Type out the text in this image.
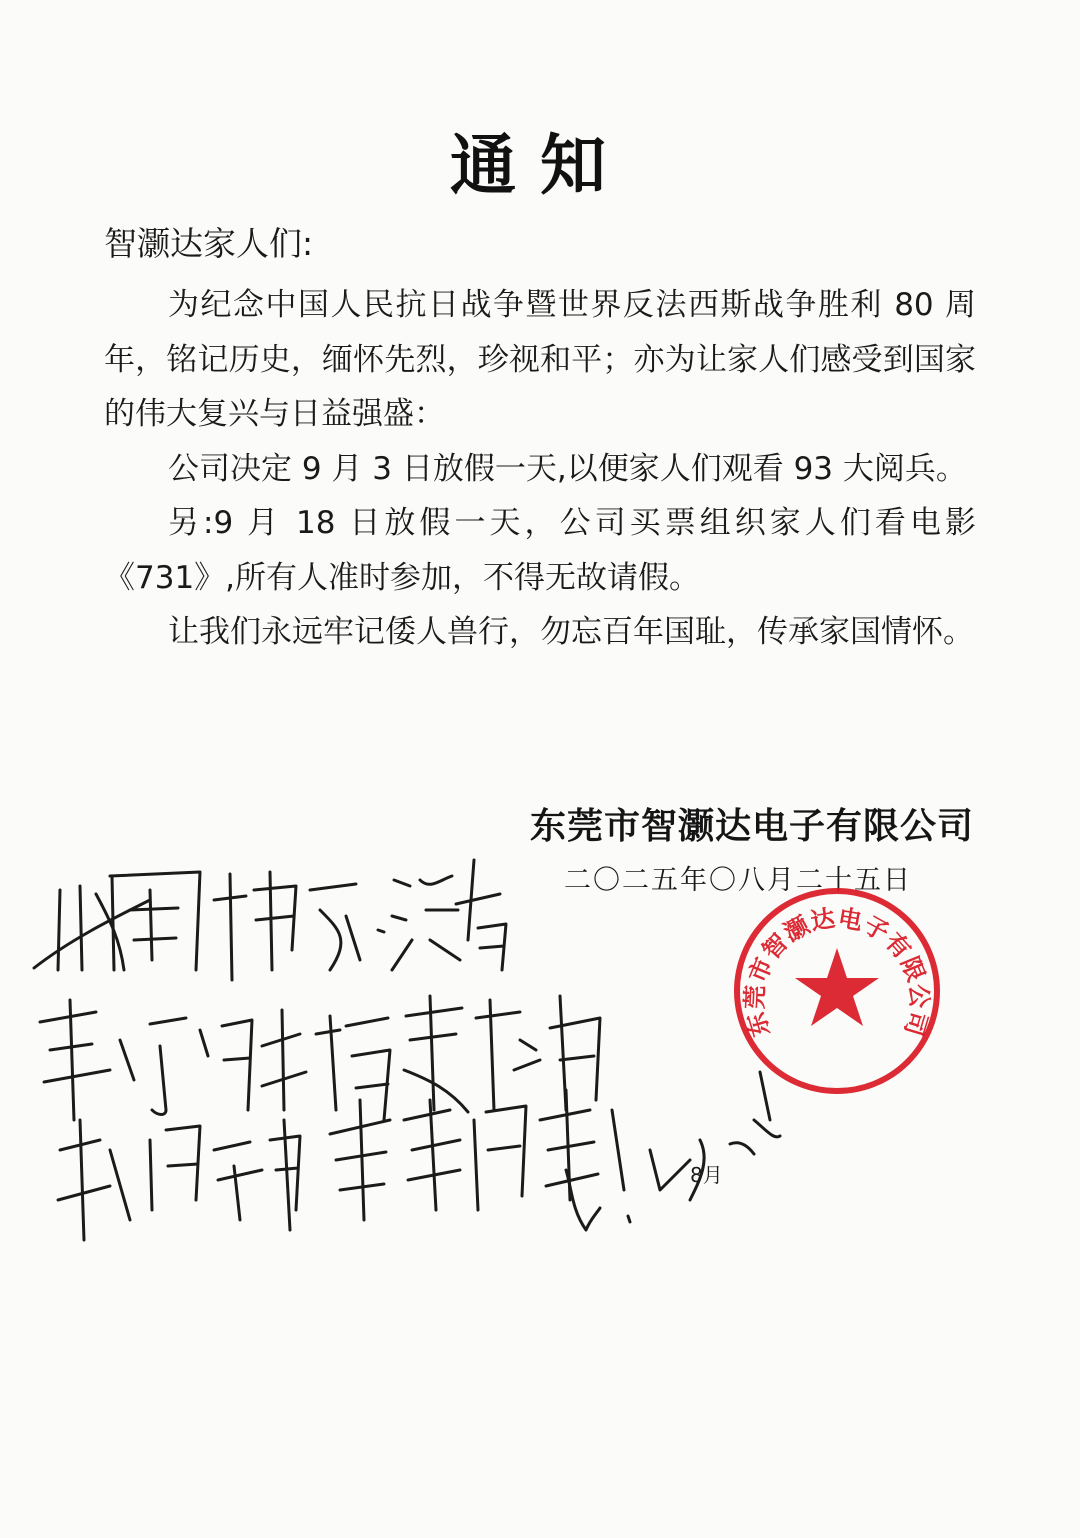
通知
智灏达家人们:

为纪念中国人民抗日战争暨世界反法西斯战争胜利 80 周年，铭记历史，缅怀先烈，珍视和平；亦为让家人们感受到国家的伟大复兴与日益强盛：

公司决定 9 月 3 日放假一天,以便家人们观看 93 大阅兵。

另:9 月 18 日放假一天，公司买票组织家人们看电影《731》,所有人准时参加，不得无故请假。

让我们永远牢记倭人兽行，勿忘百年国耻，传承家国情怀。

东莞市智灏达电子有限公司
二〇二五年〇八月二十五日
东莞市智灏达电子有限公司
8月
